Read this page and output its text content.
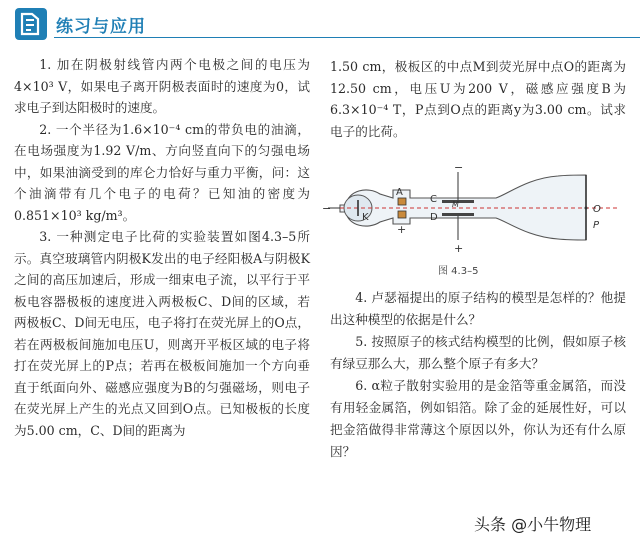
练习与应用

1. 加在阴极射线管内两个电极之间的电压为4×10³ V，如果电子离开阴极表面时的速度为0，试求电子到达阳极时的速度。

2. 一个半径为1.6×10⁻⁴ cm的带负电的油滴，在电场强度为1.92 V/m、方向竖直向下的匀强电场中，如果油滴受到的库仑力恰好与重力平衡，问：这个油滴带有几个电子的电荷？已知油的密度为0.851×10³ kg/m³。

3. 一种测定电子比荷的实验装置如图4.3–5所示。真空玻璃管内阴极K发出的电子经阳极A与阴极K之间的高压加速后，形成一细束电子流，以平行于平板电容器极板的速度进入两极板C、D间的区域，若两极板C、D间无电压，电子将打在荧光屏上的O点，若在两极板间施加电压U，则离开平板区域的电子将打在荧光屏上的P点；若再在极板间施加一个方向垂直于纸面向外、磁感应强度为B的匀强磁场，则电子在荧光屏上产生的光点又回到O点。已知极板的长度为5.00 cm，C、D间的距离为

1.50 cm，极板区的中点M到荧光屏中点O的距离为12.50 cm，电压U为200 V，磁感应强度B为6.3×10⁻⁴ T，P点到O点的距离y为3.00 cm。试求电子的比荷。

K
−
A
+
C
D
M
−
+
O
P
图 4.3–5

4. 卢瑟福提出的原子结构的模型是怎样的？他提出这种模型的依据是什么？

5. 按照原子的核式结构模型的比例，假如原子核有绿豆那么大，那么整个原子有多大？

6. α粒子散射实验用的是金箔等重金属箔，而没有用轻金属箔，例如铝箔。除了金的延展性好，可以把金箔做得非常薄这个原因以外，你认为还有什么原因？

头条 @小牛物理
